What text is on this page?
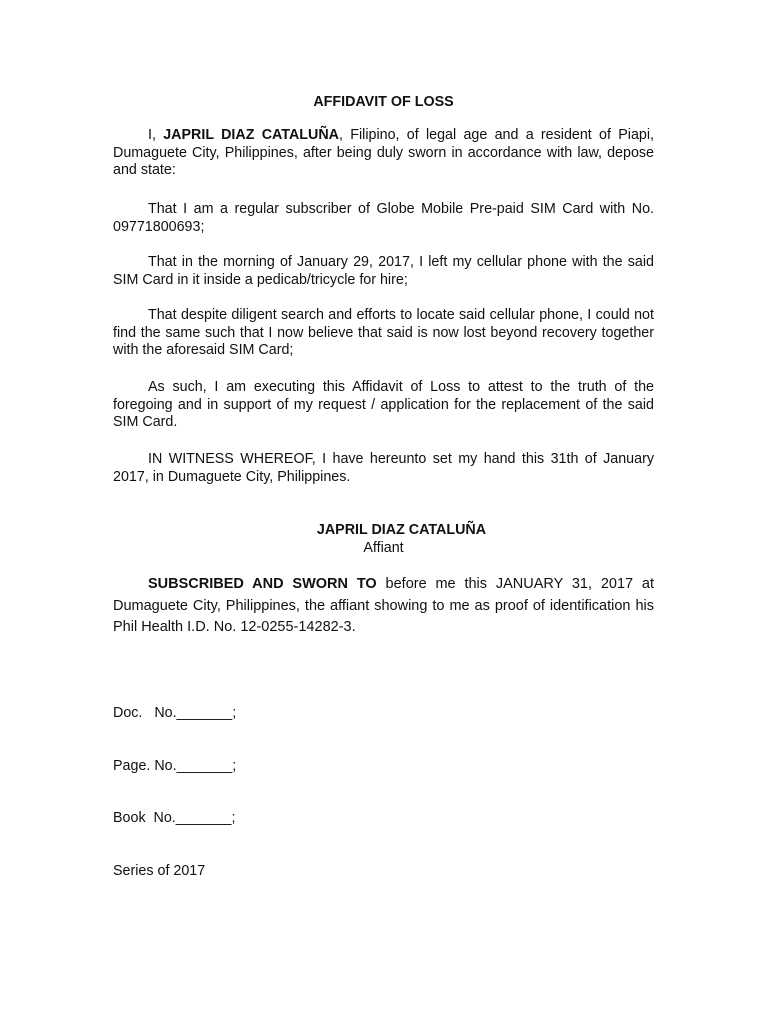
AFFIDAVIT OF LOSS

I, JAPRIL DIAZ CATALUÑA, Filipino, of legal age and a resident of Piapi, Dumaguete City, Philippines, after being duly sworn in accordance with law, depose and state:

That I am a regular subscriber of Globe Mobile Pre-paid SIM Card with No. 09771800693;

That in the morning of January 29, 2017, I left my cellular phone with the said SIM Card in it inside a pedicab/tricycle for hire;

That despite diligent search and efforts to locate said cellular phone, I could not find the same such that I now believe that said is now lost beyond recovery together with the aforesaid SIM Card;

As such, I am executing this Affidavit of Loss to attest to the truth of the foregoing and in support of my request / application for the replacement of the said SIM Card.

IN WITNESS WHEREOF, I have hereunto set my hand this 31th of January 2017, in Dumaguete City, Philippines.

JAPRIL DIAZ CATALUÑA

Affiant

SUBSCRIBED AND SWORN TO before me this JANUARY 31, 2017 at Dumaguete City, Philippines, the affiant showing to me as proof of identification his Phil Health I.D. No. 12-0255-14282-3.

Doc.   No._______;

Page. No._______;

Book  No._______;

Series of 2017
